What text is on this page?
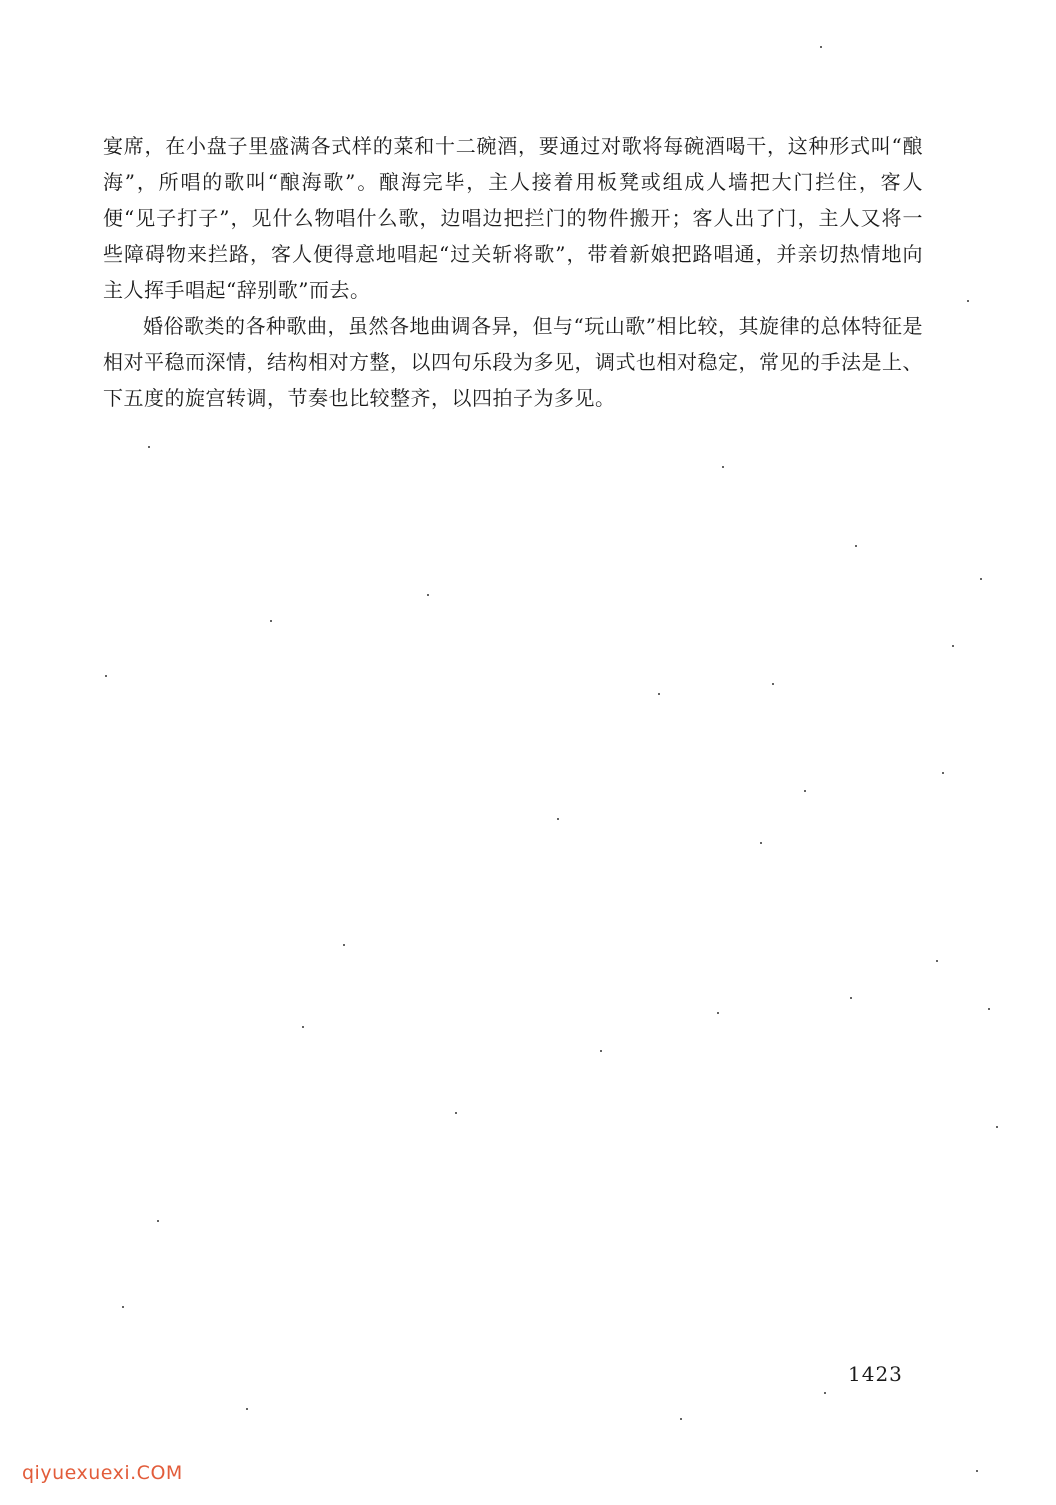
宴席，在小盘子里盛满各式样的菜和十二碗酒，要通过对歌将每碗酒喝干，这种形式叫“酿海”，所唱的歌叫“酿海歌”。酿海完毕，主人接着用板凳或组成人墙把大门拦住，客人便“见子打子”，见什么物唱什么歌，边唱边把拦门的物件搬开；客人出了门，主人又将一些障碍物来拦路，客人便得意地唱起“过关斩将歌”，带着新娘把路唱通，并亲切热情地向主人挥手唱起“辞别歌”而去。

婚俗歌类的各种歌曲，虽然各地曲调各异，但与“玩山歌”相比较，其旋律的总体特征是相对平稳而深情，结构相对方整，以四句乐段为多见，调式也相对稳定，常见的手法是上、下五度的旋宫转调，节奏也比较整齐，以四拍子为多见。

1423
qiyuexuexi.COM
